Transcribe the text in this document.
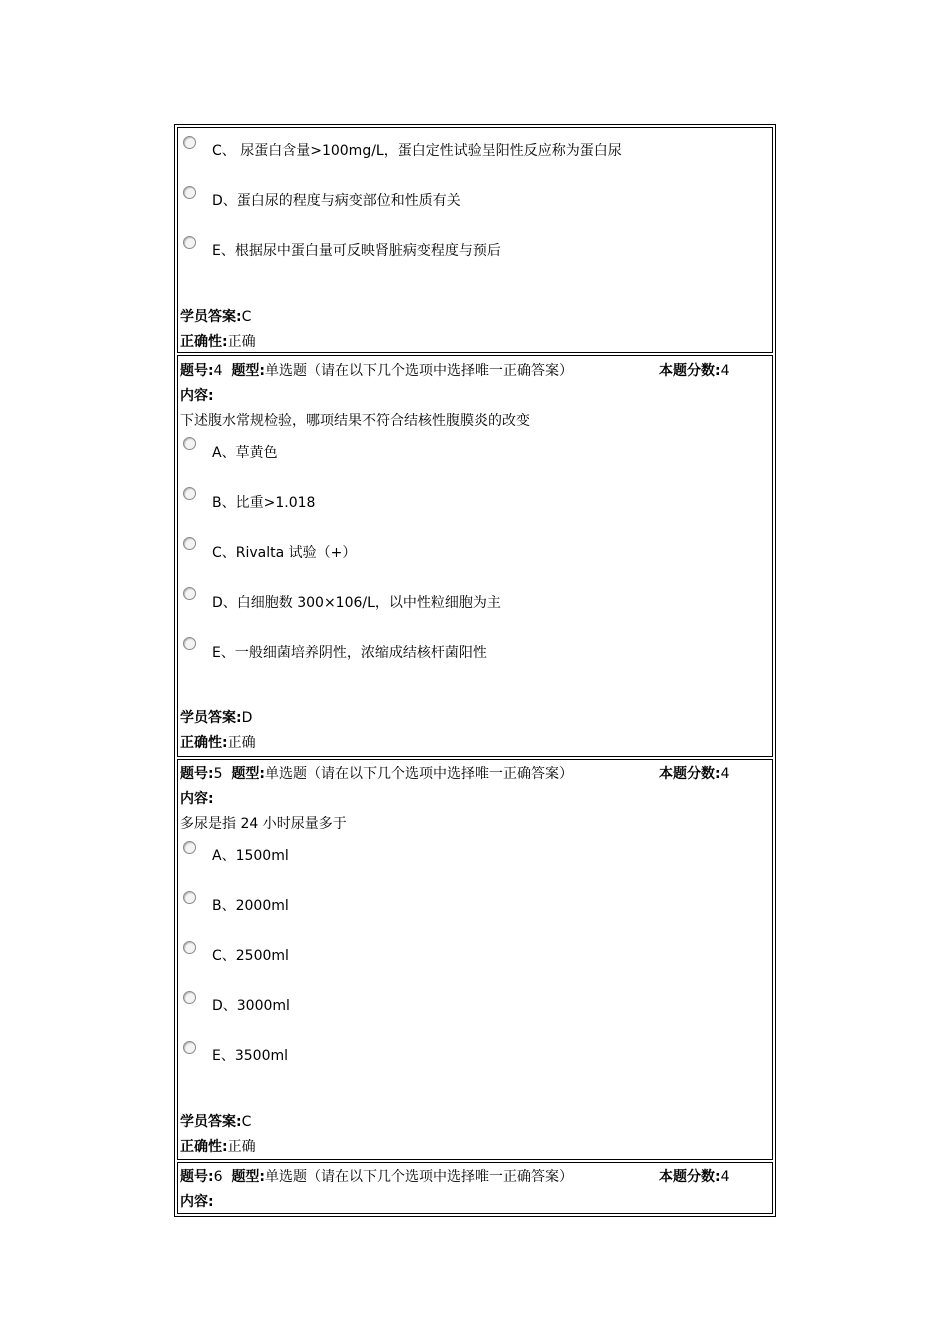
C、 尿蛋白含量>100mg/L，蛋白定性试验呈阳性反应称为蛋白尿
D、蛋白尿的程度与病变部位和性质有关
E、根据尿中蛋白量可反映肾脏病变程度与预后
学员答案:C
正确性:正确
题号:4 题型:单选题（请在以下几个选项中选择唯一正确答案）	本题分数:4
内容:
下述腹水常规检验，哪项结果不符合结核性腹膜炎的改变
A、草黄色
B、比重>1.018
C、Rivalta 试验（+）
D、白细胞数 300×106/L，以中性粒细胞为主
E、一般细菌培养阴性，浓缩成结核杆菌阳性
学员答案:D
正确性:正确
题号:5 题型:单选题（请在以下几个选项中选择唯一正确答案）	本题分数:4
内容:
多尿是指 24 小时尿量多于
A、1500ml
B、2000ml
C、2500ml
D、3000ml
E、3500ml
学员答案:C
正确性:正确
题号:6 题型:单选题（请在以下几个选项中选择唯一正确答案）	本题分数:4
内容:
